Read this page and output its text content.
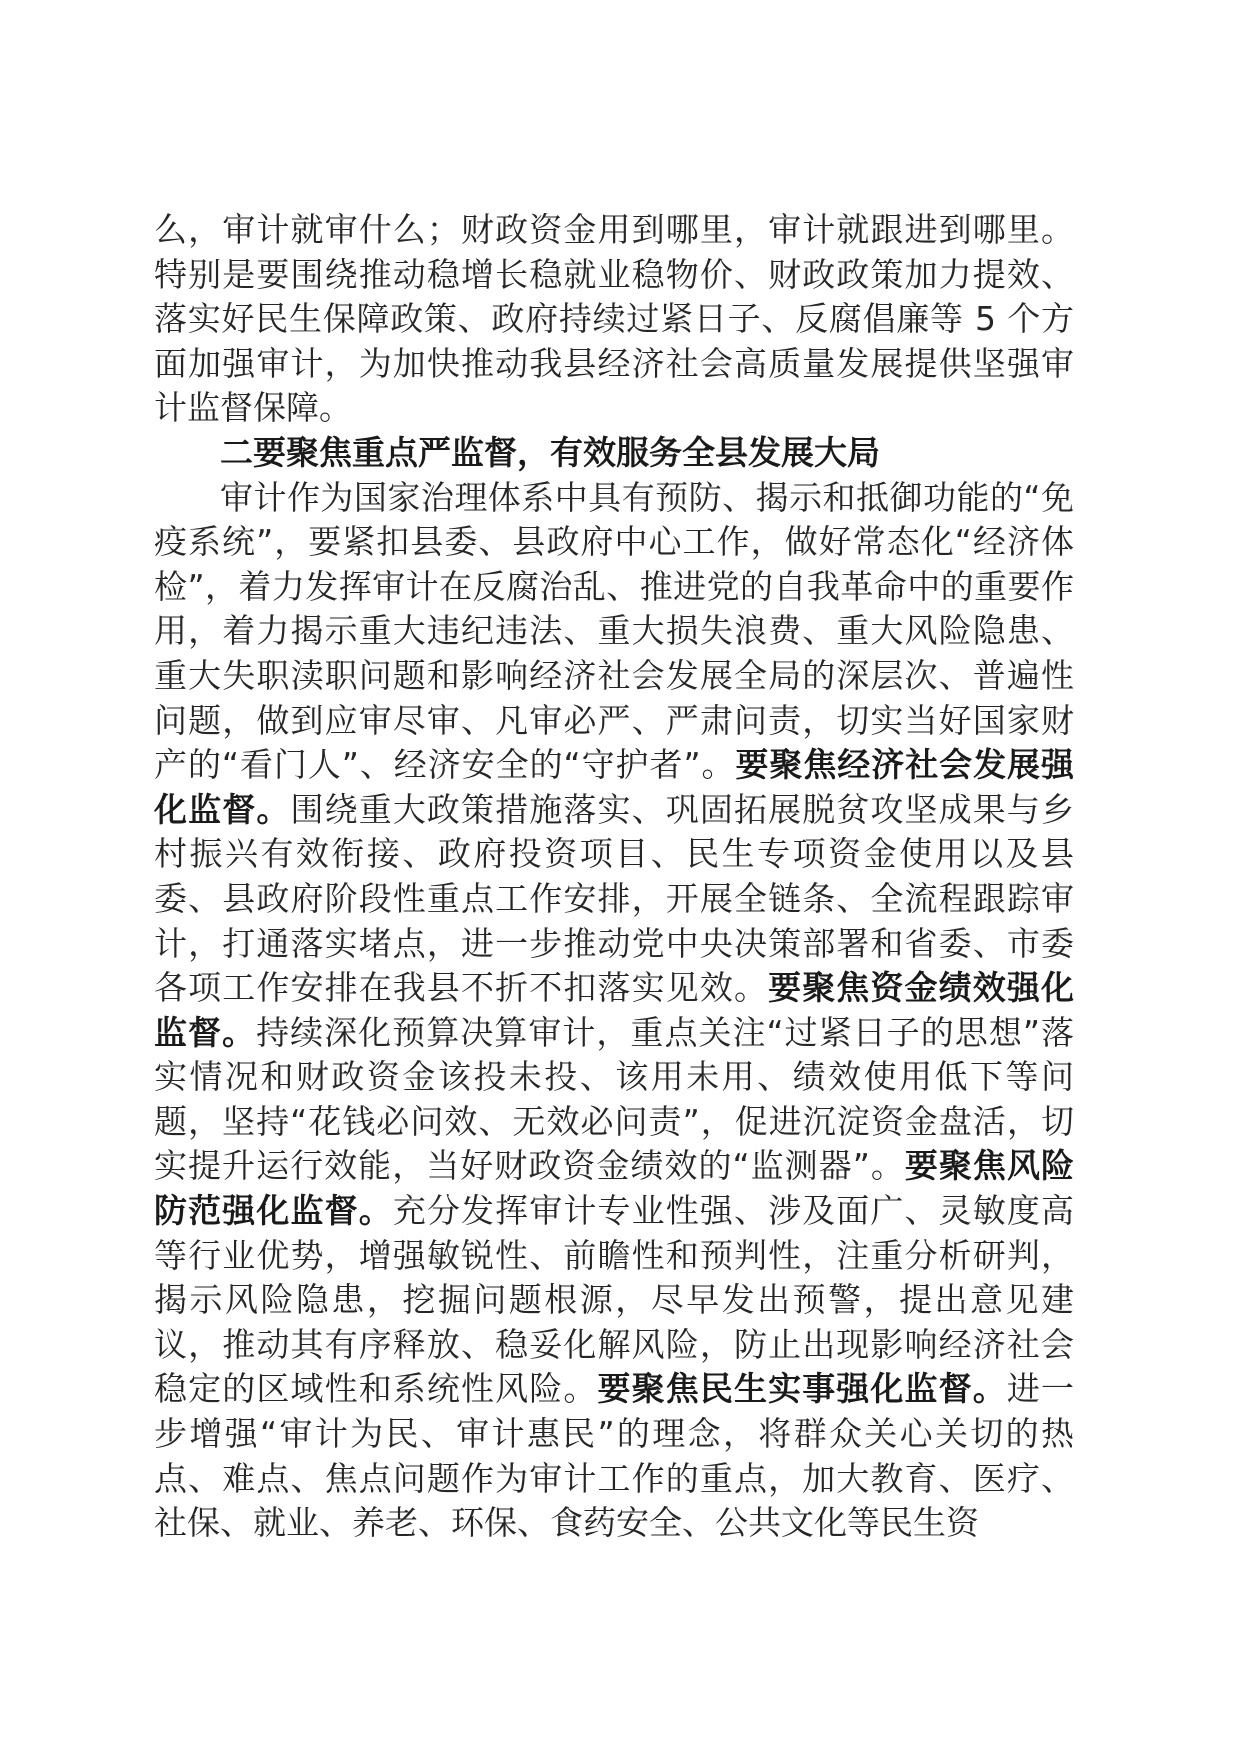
么，审计就审什么；财政资金用到哪里，审计就跟进到哪里。特别是要围绕推动稳增长稳就业稳物价、财政政策加力提效、落实好民生保障政策、政府持续过紧日子、反腐倡廉等 5 个方面加强审计，为加快推动我县经济社会高质量发展提供坚强审计监督保障。

二要聚焦重点严监督，有效服务全县发展大局

审计作为国家治理体系中具有预防、揭示和抵御功能的“免疫系统”，要紧扣县委、县政府中心工作，做好常态化“经济体检”，着力发挥审计在反腐治乱、推进党的自我革命中的重要作用，着力揭示重大违纪违法、重大损失浪费、重大风险隐患、重大失职渎职问题和影响经济社会发展全局的深层次、普遍性问题，做到应审尽审、凡审必严、严肃问责，切实当好国家财产的“看门人”、经济安全的“守护者”。要聚焦经济社会发展强化监督。围绕重大政策措施落实、巩固拓展脱贫攻坚成果与乡村振兴有效衔接、政府投资项目、民生专项资金使用以及县委、县政府阶段性重点工作安排，开展全链条、全流程跟踪审计，打通落实堵点，进一步推动党中央决策部署和省委、市委各项工作安排在我县不折不扣落实见效。要聚焦资金绩效强化监督。持续深化预算决算审计，重点关注“过紧日子的思想”落实情况和财政资金该投未投、该用未用、绩效使用低下等问题，坚持“花钱必问效、无效必问责”，促进沉淀资金盘活，切实提升运行效能，当好财政资金绩效的“监测器”。要聚焦风险防范强化监督。充分发挥审计专业性强、涉及面广、灵敏度高等行业优势，增强敏锐性、前瞻性和预判性，注重分析研判，揭示风险隐患，挖掘问题根源，尽早发出预警，提出意见建议，推动其有序释放、稳妥化解风险，防止出现影响经济社会稳定的区域性和系统性风险。要聚焦民生实事强化监督。进一步增强“审计为民、审计惠民”的理念，将群众关心关切的热点、难点、焦点问题作为审计工作的重点，加大教育、医疗、社保、就业、养老、环保、食药安全、公共文化等民生资
